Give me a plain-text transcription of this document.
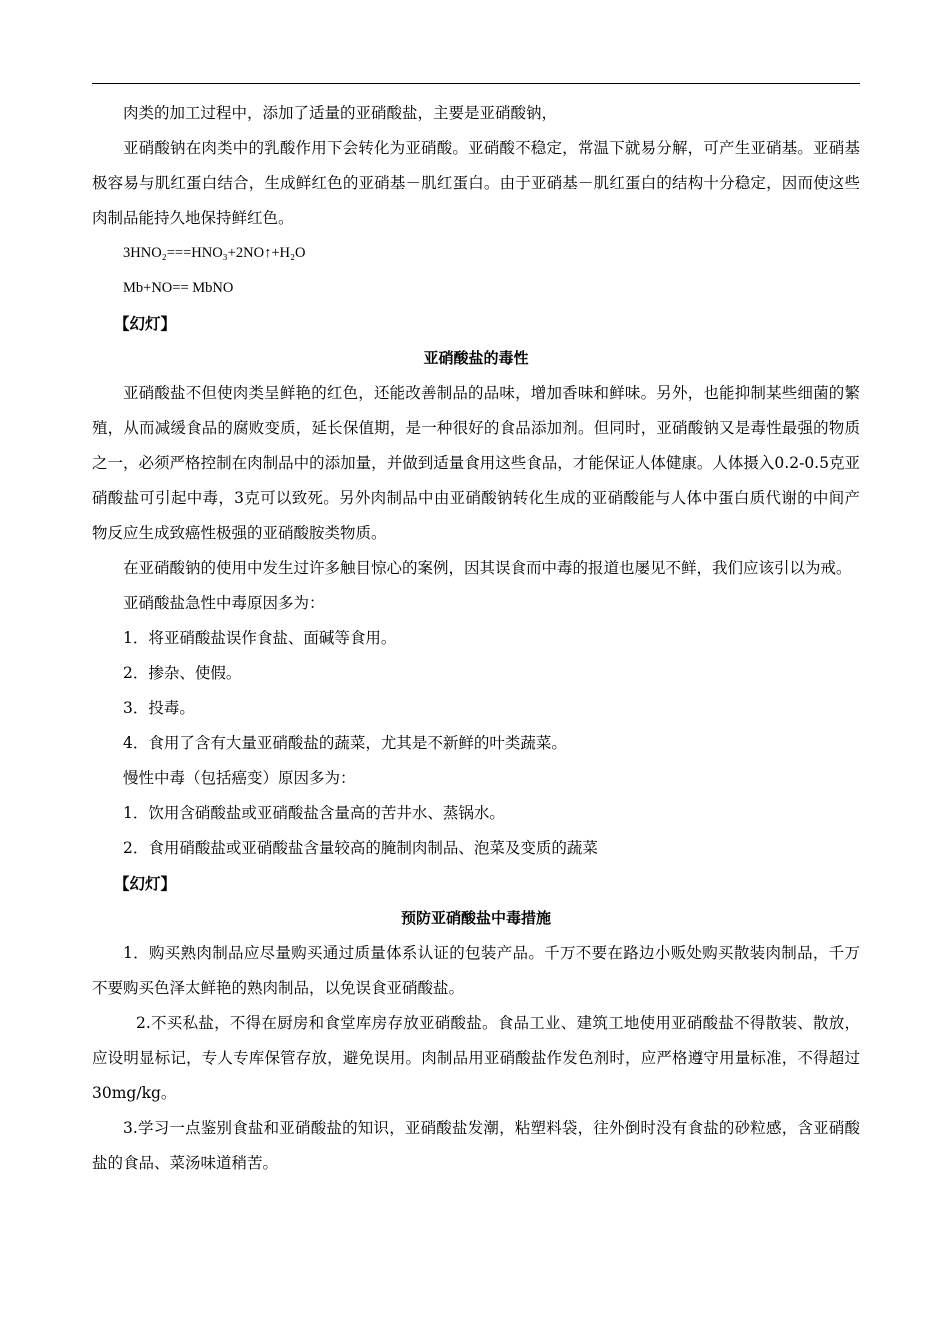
肉类的加工过程中，添加了适量的亚硝酸盐，主要是亚硝酸钠，

亚硝酸钠在肉类中的乳酸作用下会转化为亚硝酸。亚硝酸不稳定，常温下就易分解，可产生亚硝基。亚硝基极容易与肌红蛋白结合，生成鲜红色的亚硝基－肌红蛋白。由于亚硝基－肌红蛋白的结构十分稳定，因而使这些肉制品能持久地保持鲜红色。

3HNO₂===HNO₃+2NO↑+H₂O

Mb+NO== MbNO

【幻灯】

亚硝酸盐的毒性

亚硝酸盐不但使肉类呈鲜艳的红色，还能改善制品的品味，增加香味和鲜味。另外，也能抑制某些细菌的繁殖，从而减缓食品的腐败变质，延长保值期，是一种很好的食品添加剂。但同时，亚硝酸钠又是毒性最强的物质之一，必须严格控制在肉制品中的添加量，并做到适量食用这些食品，才能保证人体健康。人体摄入0.2-0.5克亚硝酸盐可引起中毒，3克可以致死。另外肉制品中由亚硝酸钠转化生成的亚硝酸能与人体中蛋白质代谢的中间产物反应生成致癌性极强的亚硝酸胺类物质。

在亚硝酸钠的使用中发生过许多触目惊心的案例，因其误食而中毒的报道也屡见不鲜，我们应该引以为戒。

亚硝酸盐急性中毒原因多为：

1．将亚硝酸盐误作食盐、面碱等食用。

2．掺杂、使假。

3．投毒。

4．食用了含有大量亚硝酸盐的蔬菜，尤其是不新鲜的叶类蔬菜。

慢性中毒（包括癌变）原因多为：

1．饮用含硝酸盐或亚硝酸盐含量高的苦井水、蒸锅水。

2．食用硝酸盐或亚硝酸盐含量较高的腌制肉制品、泡菜及变质的蔬菜

【幻灯】

预防亚硝酸盐中毒措施

1．购买熟肉制品应尽量购买通过质量体系认证的包装产品。千万不要在路边小贩处购买散装肉制品，千万不要购买色泽太鲜艳的熟肉制品，以免误食亚硝酸盐。

2.不买私盐，不得在厨房和食堂库房存放亚硝酸盐。食品工业、建筑工地使用亚硝酸盐不得散装、散放，应设明显标记，专人专库保管存放，避免误用。肉制品用亚硝酸盐作发色剂时，应严格遵守用量标准，不得超过30mg/kg。

3.学习一点鉴别食盐和亚硝酸盐的知识，亚硝酸盐发潮，粘塑料袋，往外倒时没有食盐的砂粒感，含亚硝酸盐的食品、菜汤味道稍苦。
